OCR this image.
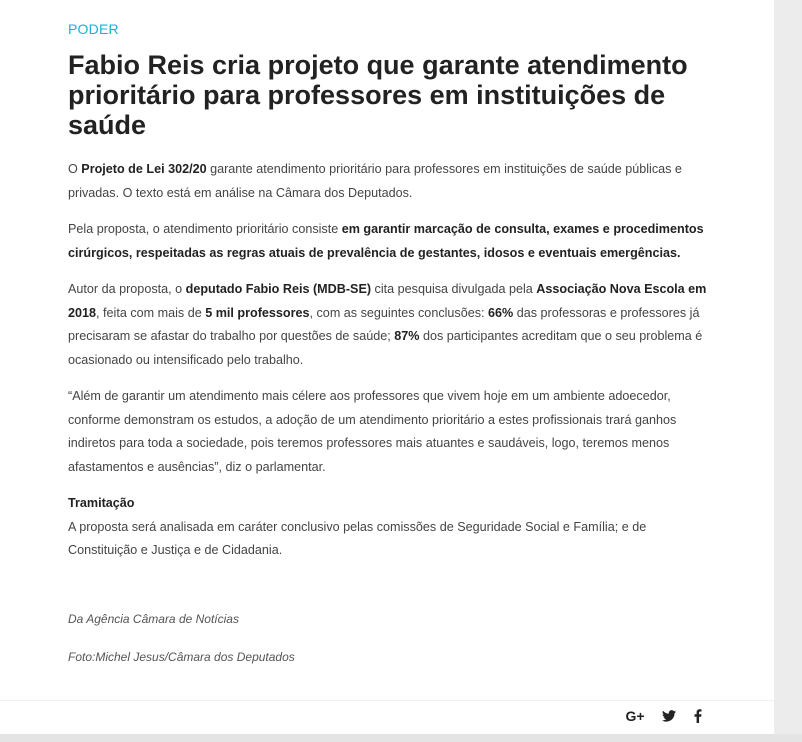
PODER
Fabio Reis cria projeto que garante atendimento prioritário para professores em instituições de saúde

O Projeto de Lei 302/20 garante atendimento prioritário para professores em instituições de saúde públicas e privadas. O texto está em análise na Câmara dos Deputados.

Pela proposta, o atendimento prioritário consiste em garantir marcação de consulta, exames e procedimentos cirúrgicos, respeitadas as regras atuais de prevalência de gestantes, idosos e eventuais emergências.

Autor da proposta, o deputado Fabio Reis (MDB-SE) cita pesquisa divulgada pela Associação Nova Escola em 2018, feita com mais de 5 mil professores, com as seguintes conclusões: 66% das professoras e professores já precisaram se afastar do trabalho por questões de saúde; 87% dos participantes acreditam que o seu problema é ocasionado ou intensificado pelo trabalho.

“Além de garantir um atendimento mais célere aos professores que vivem hoje em um ambiente adoecedor, conforme demonstram os estudos, a adoção de um atendimento prioritário a estes profissionais trará ganhos indiretos para toda a sociedade, pois teremos professores mais atuantes e saudáveis, logo, teremos menos afastamentos e ausências”, diz o parlamentar.

Tramitação

A proposta será analisada em caráter conclusivo pelas comissões de Seguridade Social e Família; e de Constituição e Justiça e de Cidadania.

Da Agência Câmara de Notícias
Foto:Michel Jesus/Câmara dos Deputados
G+
